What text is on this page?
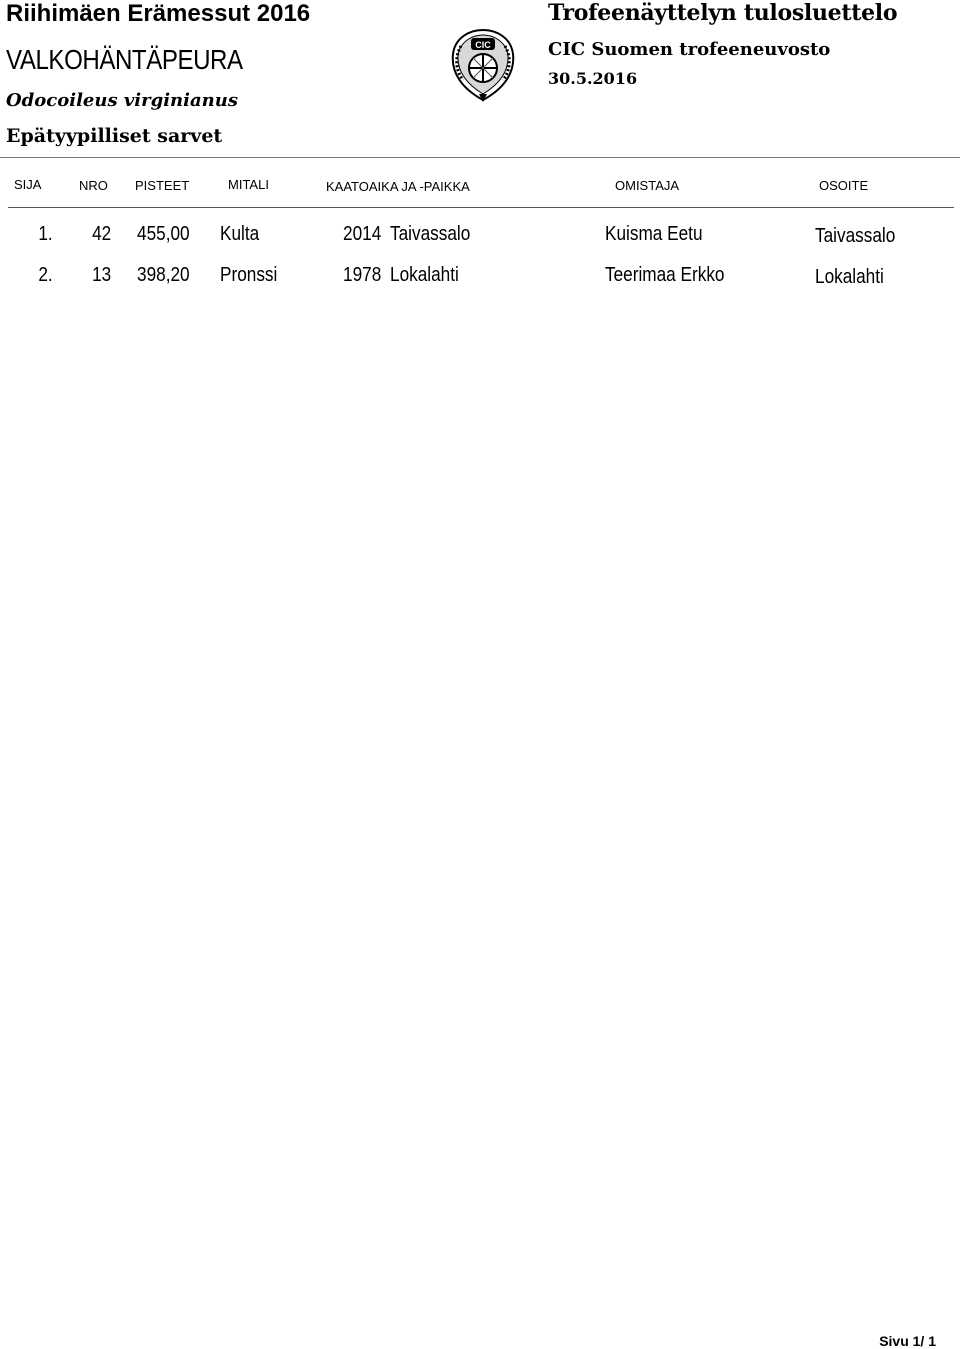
Riihimäen Erämessut 2016
VALKOHÄNTÄPEURA
Odocoileus virginianus
Epätyypilliset sarvet
CIC
Trofeenäyttelyn tulosluettelo
CIC Suomen trofeeneuvosto
30.5.2016
SIJA	NRO PISTEET	MITALI	KAATOAIKA JA -PAIKKA	OMISTAJA	OSOITE
1. 42 455,00 Kulta	2014 Taivassalo	Kuisma Eetu	Taivassalo
2. 13 398,20 Pronssi	1978 Lokalahti	Teerimaa Erkko	Lokalahti
Sivu 1/ 1
